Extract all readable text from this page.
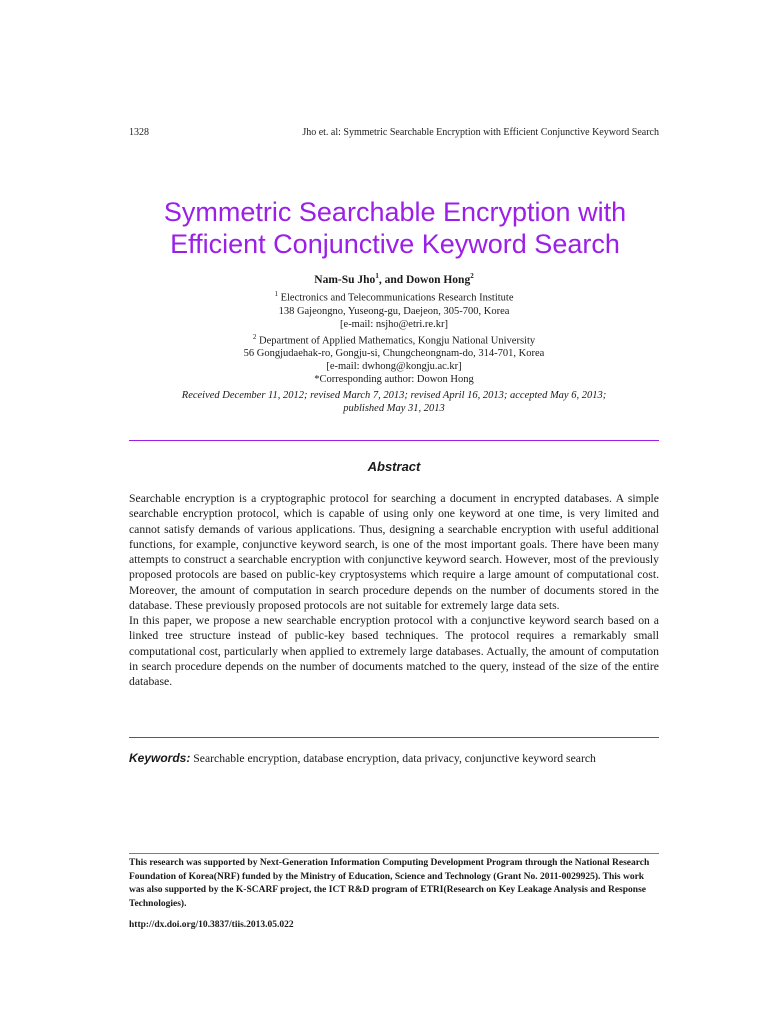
1328	Jho et. al: Symmetric Searchable Encryption with Efficient Conjunctive Keyword Search
Symmetric Searchable Encryption with
Efficient Conjunctive Keyword Search
Nam-Su Jho$^1$, and Dowon Hong$^2$
$^1$ Electronics and Telecommunications Research Institute
138 Gajeongno, Yuseong-gu, Daejeon, 305-700, Korea
[e-mail: nsjho@etri.re.kr]
$^2$ Department of Applied Mathematics, Kongju National University
56 Gongjudaehak-ro, Gongju-si, Chungcheongnam-do, 314-701, Korea
[e-mail: dwhong@kongju.ac.kr]
*Corresponding author: Dowon Hong
Received December 11, 2012; revised March 7, 2013; revised April 16, 2013; accepted May 6, 2013;
published May 31, 2013
Abstract

Searchable encryption is a cryptographic protocol for searching a document in encrypted databases. A simple searchable encryption protocol, which is capable of using only one keyword at one time, is very limited and cannot satisfy demands of various applications. Thus, designing a searchable encryption with useful additional functions, for example, conjunctive keyword search, is one of the most important goals. There have been many attempts to construct a searchable encryption with conjunctive keyword search. However, most of the previously proposed protocols are based on public-key cryptosystems which require a large amount of computational cost. Moreover, the amount of computation in search procedure depends on the number of documents stored in the database. These previously proposed protocols are not suitable for extremely large data sets.

In this paper, we propose a new searchable encryption protocol with a conjunctive keyword search based on a linked tree structure instead of public-key based techniques. The protocol requires a remarkably small computational cost, particularly when applied to extremely large databases. Actually, the amount of computation in search procedure depends on the number of documents matched to the query, instead of the size of the entire database.

Keywords: Searchable encryption, database encryption, data privacy, conjunctive keyword search
This research was supported by Next-Generation Information Computing Development Program through the National Research Foundation of Korea(NRF) funded by the Ministry of Education, Science and Technology (Grant No. 2011-0029925). This work was also supported by the K-SCARF project, the ICT R&D program of ETRI(Research on Key Leakage Analysis and Response Technologies).
http://dx.doi.org/10.3837/tiis.2013.05.022
